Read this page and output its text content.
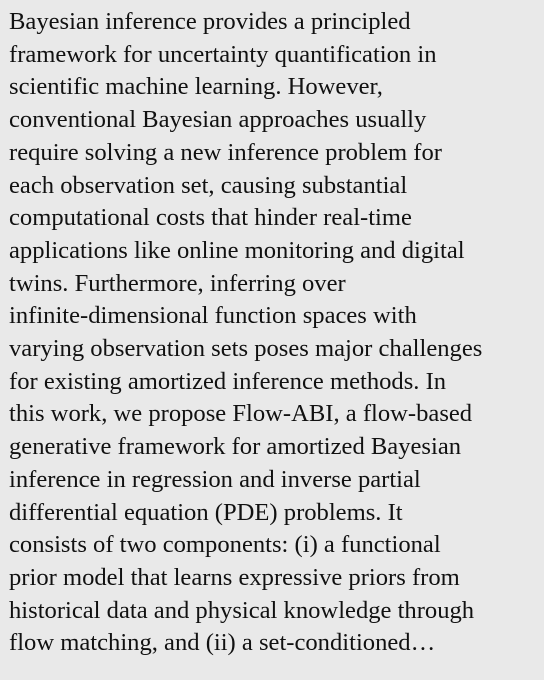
Bayesian inference provides a principled
framework for uncertainty quantification in
scientific machine learning. However,
conventional Bayesian approaches usually
require solving a new inference problem for
each observation set, causing substantial
computational costs that hinder real-time
applications like online monitoring and digital
twins. Furthermore, inferring over
infinite-dimensional function spaces with
varying observation sets poses major challenges
for existing amortized inference methods. In
this work, we propose Flow-ABI, a flow-based
generative framework for amortized Bayesian
inference in regression and inverse partial
differential equation (PDE) problems. It
consists of two components: (i) a functional
prior model that learns expressive priors from
historical data and physical knowledge through
flow matching, and (ii) a set-conditioned…
